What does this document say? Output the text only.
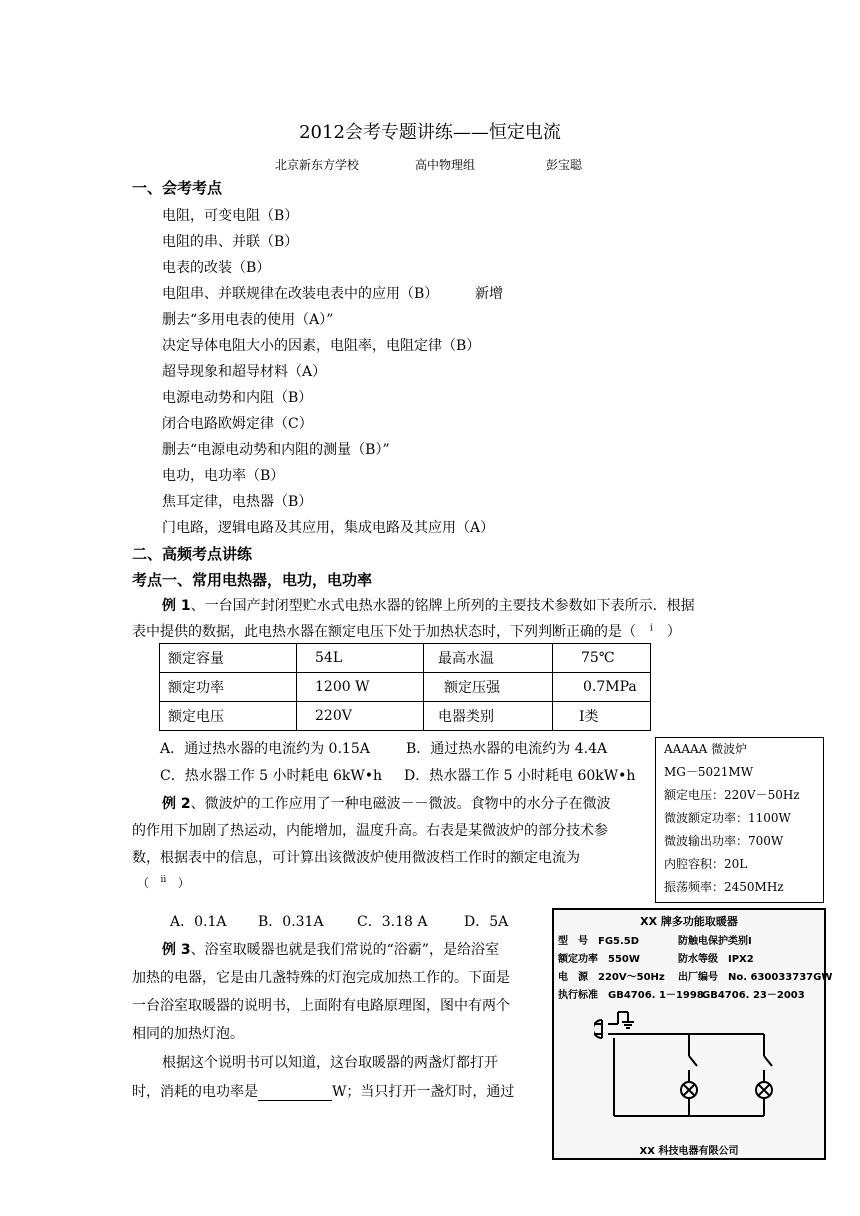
2012会考专题讲练——恒定电流
北京新东方学校	高中物理组	彭宝聪
一、会考考点
电阻，可变电阻（B）
电阻的串、并联（B）
电表的改装（B）
电阻串、并联规律在改装电表中的应用（B）	新增
删去“多用电表的使用（A）”
决定导体电阻大小的因素，电阻率，电阻定律（B）
超导现象和超导材料（A）
电源电动势和内阻（B）
闭合电路欧姆定律（C）
删去“电源电动势和内阻的测量（B）”
电功，电功率（B）
焦耳定律，电热器（B）
门电路，逻辑电路及其应用，集成电路及其应用（A）
二、高频考点讲练
考点一、常用电热器，电功，电功率
例 1、一台国产封闭型贮水式电热水器的铭牌上所列的主要技术参数如下表所示．根据
表中提供的数据，此电热水器在额定电压下处于加热状态时，下列判断正确的是（　$^i$　）
额定容量	54L	最高水温	75℃
额定功率	1200 W	额定压强	0.7MPa
额定电压	220V	电器类别	Ⅰ类
A．通过热水器的电流约为 0.15A	B．通过热水器的电流约为 4.4A
C．热水器工作 5 小时耗电 6kW•h D．热水器工作 5 小时耗电 60kW•h
AAAAA 微波炉
MG－5021MW
额定电压：220V－50Hz
微波额定功率：1100W
微波输出功率：700W
内腔容积：20L
振荡频率：2450MHz
例 2、微波炉的工作应用了一种电磁波－－微波。食物中的水分子在微波
的作用下加剧了热运动，内能增加，温度升高。右表是某微波炉的部分技术参
数，根据表中的信息，可计算出该微波炉使用微波档工作时的额定电流为
（ $^{ii}$ ）
A．0.1A B．0.31A C．3.18 A	D．5A
例 3、浴室取暖器也就是我们常说的“浴霸”，是给浴室
加热的电器，它是由几盏特殊的灯泡完成加热工作的。下面是
一台浴室取暖器的说明书，上面附有电路原理图，图中有两个
相同的加热灯泡。
根据这个说明书可以知道，这台取暖器的两盏灯都打开
时，消耗的电功率是	W；当只打开一盏灯时，通过
XX 牌多功能取暖器
型　号　FG5.5D	防触电保护类别Ⅰ
额定功率　550W	防水等级　IPX2
电　源　220V～50Hz 出厂编号　No. 630033737GW
执行标准　GB4706. 1－1998
GB4706. 23－2003
XX 科技电器有限公司
